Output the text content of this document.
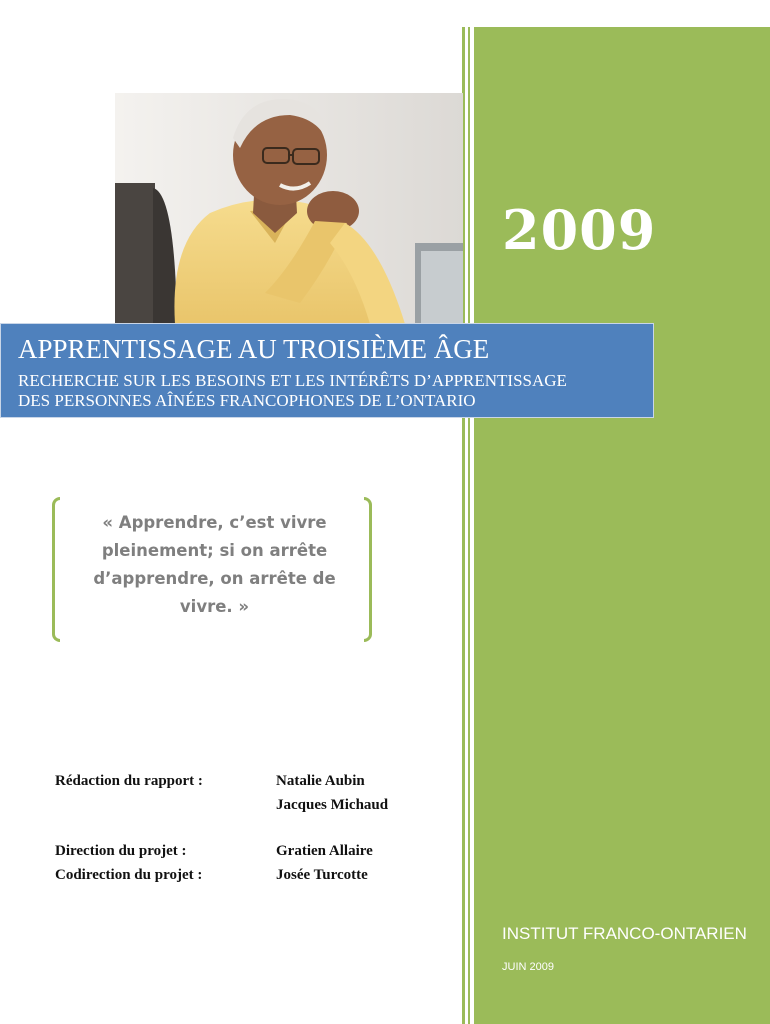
2009
APPRENTISSAGE AU TROISIÈME ÂGE
RECHERCHE SUR LES BESOINS ET LES INTÉRÊTS D’APPRENTISSAGE
DES PERSONNES AÎNÉES FRANCOPHONES DE L’ONTARIO
« Apprendre, c’est vivre
pleinement; si on arrête
d’apprendre, on arrête de
vivre. »
Rédaction du rapport :	Natalie Aubin
Jacques Michaud
Direction du projet :	Gratien Allaire
Codirection du projet :	Josée Turcotte
INSTITUT FRANCO-ONTARIEN
JUIN 2009
